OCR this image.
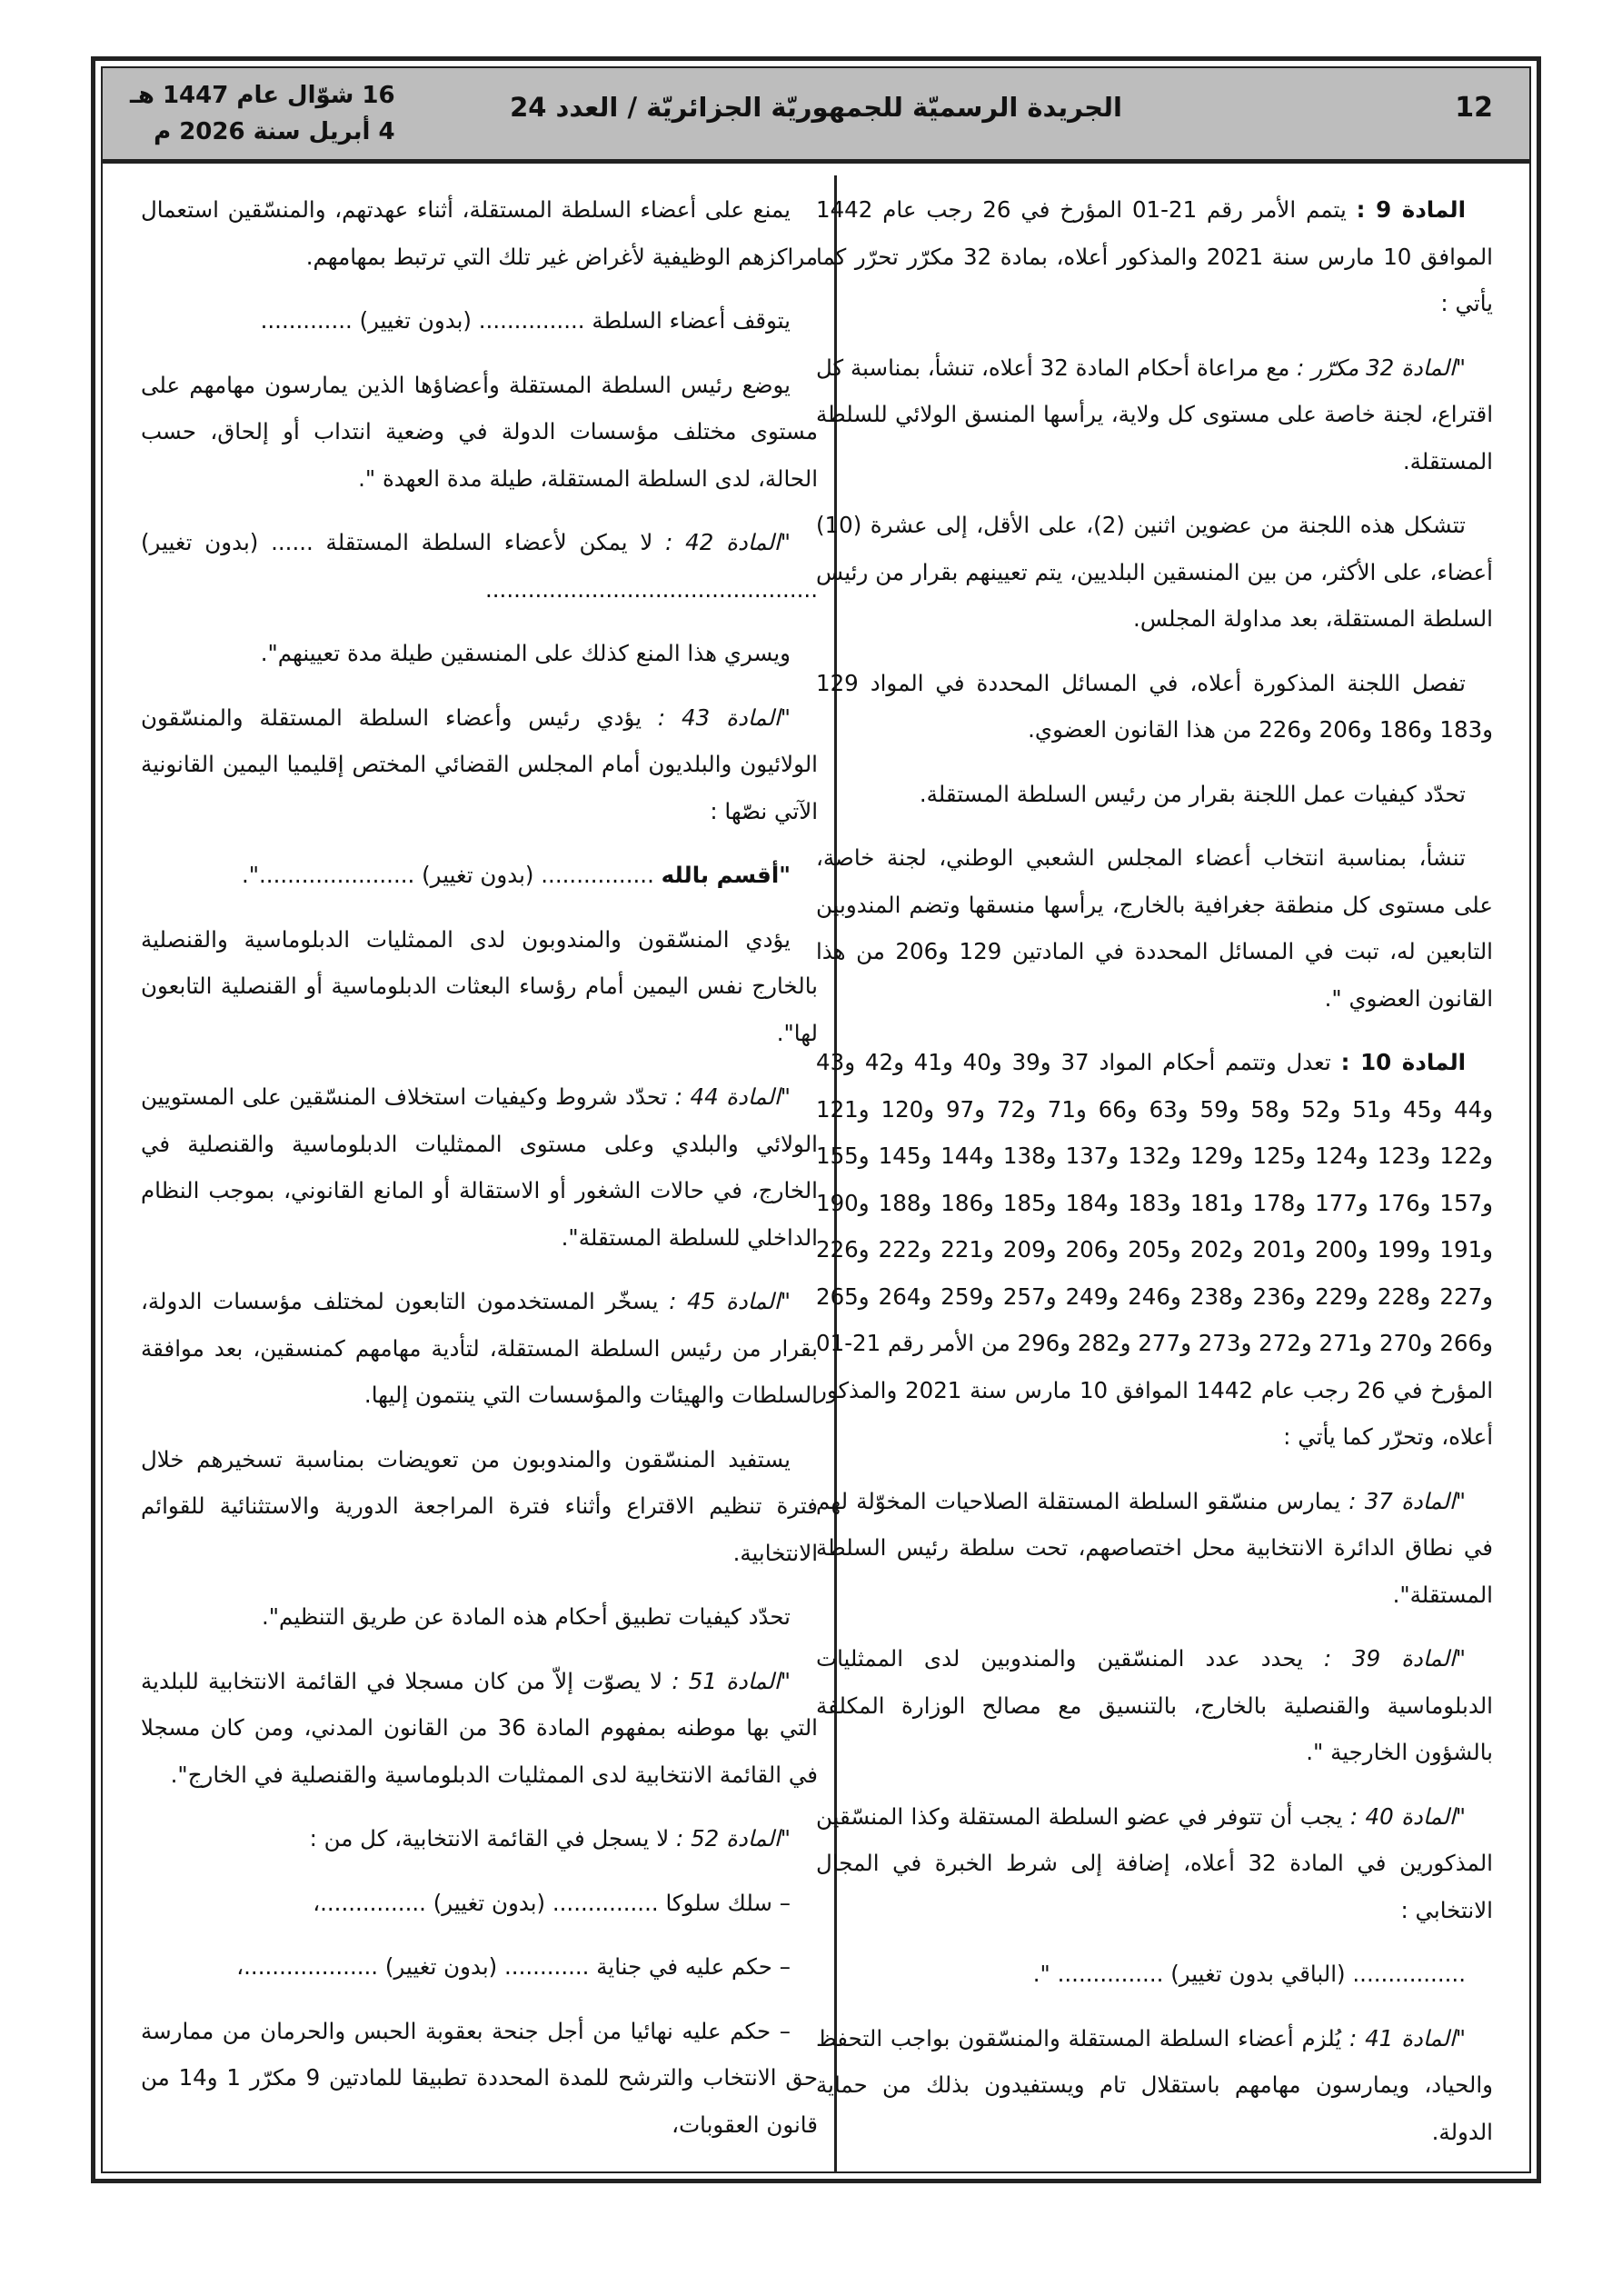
12
الجريدة الرسميّة للجمهوريّة الجزائريّة / العدد 24
16 شوّال عام 1447 هـ
4 أبريل سنة 2026 م

المادة 9 : يتمم الأمر رقم 21-01 المؤرخ في 26 رجب عام 1442 الموافق 10 مارس سنة 2021 والمذكور أعلاه، بمادة 32 مكرّر تحرّر كما يأتي :

"المادة 32 مكرّر : مع مراعاة أحكام المادة 32 أعلاه، تنشأ، بمناسبة كل اقتراع، لجنة خاصة على مستوى كل ولاية، يرأسها المنسق الولائي للسلطة المستقلة.

تتشكل هذه اللجنة من عضوين اثنين (2)، على الأقل، إلى عشرة (10) أعضاء، على الأكثر، من بين المنسقين البلديين، يتم تعيينهم بقرار من رئيس السلطة المستقلة، بعد مداولة المجلس.

تفصل اللجنة المذكورة أعلاه، في المسائل المحددة في المواد 129 و183 و186 و206 و226 من هذا القانون العضوي.

تحدّد كيفيات عمل اللجنة بقرار من رئيس السلطة المستقلة.

تنشأ، بمناسبة انتخاب أعضاء المجلس الشعبي الوطني، لجنة خاصة، على مستوى كل منطقة جغرافية بالخارج، يرأسها منسقها وتضم المندوبين التابعين له، تبت في المسائل المحددة في المادتين 129 و206 من هذا القانون العضوي ".

المادة 10 : تعدل وتتمم أحكام المواد 37 و39 و40 و41 و42 و43 و44 و45 و51 و52 و58 و59 و63 و66 و71 و72 و97 و120 و121 و122 و123 و124 و125 و129 و132 و137 و138 و144 و145 و155 و157 و176 و177 و178 و181 و183 و184 و185 و186 و188 و190 و191 و199 و200 و201 و202 و205 و206 و209 و221 و222 و226 و227 و228 و229 و236 و238 و246 و249 و257 و259 و264 و265 و266 و270 و271 و272 و273 و277 و282 و296 من الأمر رقم 21-01 المؤرخ في 26 رجب عام 1442 الموافق 10 مارس سنة 2021 والمذكور أعلاه، وتحرّر كما يأتي :

"المادة 37 : يمارس منسّقو السلطة المستقلة الصلاحيات المخوّلة لهم في نطاق الدائرة الانتخابية محل اختصاصهم، تحت سلطة رئيس السلطة المستقلة".

"المادة 39 : يحدد عدد المنسّقين والمندوبين لدى الممثليات الدبلوماسية والقنصلية بالخارج، بالتنسيق مع مصالح الوزارة المكلفة بالشؤون الخارجية ".

"المادة 40 : يجب أن تتوفر في عضو السلطة المستقلة وكذا المنسّقين المذكورين في المادة 32 أعلاه، إضافة إلى شرط الخبرة في المجال الانتخابي :

................ (الباقي بدون تغيير) ............... ".

"المادة 41 : يُلزم أعضاء السلطة المستقلة والمنسّقون بواجب التحفظ والحياد، ويمارسون مهامهم باستقلال تام ويستفيدون بذلك من حماية الدولة.

يمنع على أعضاء السلطة المستقلة، أثناء عهدتهم، والمنسّقين استعمال مراكزهم الوظيفية لأغراض غير تلك التي ترتبط بمهامهم.

يتوقف أعضاء السلطة ............... (بدون تغيير) .............

يوضع رئيس السلطة المستقلة وأعضاؤها الذين يمارسون مهامهم على مستوى مختلف مؤسسات الدولة في وضعية انتداب أو إلحاق، حسب الحالة، لدى السلطة المستقلة، طيلة مدة العهدة ".

"المادة 42 : لا يمكن لأعضاء السلطة المستقلة ...... (بدون تغيير) ...............................................

ويسري هذا المنع كذلك على المنسقين طيلة مدة تعيينهم".

"المادة 43 : يؤدي رئيس وأعضاء السلطة المستقلة والمنسّقون الولائيون والبلديون أمام المجلس القضائي المختص إقليميا اليمين القانونية الآتي نصّها :

"أقسم بالله ................ (بدون تغيير) ......................".

يؤدي المنسّقون والمندوبون لدى الممثليات الدبلوماسية والقنصلية بالخارج نفس اليمين أمام رؤساء البعثات الدبلوماسية أو القنصلية التابعون لها".

"المادة 44 : تحدّد شروط وكيفيات استخلاف المنسّقين على المستويين الولائي والبلدي وعلى مستوى الممثليات الدبلوماسية والقنصلية في الخارج، في حالات الشغور أو الاستقالة أو المانع القانوني، بموجب النظام الداخلي للسلطة المستقلة".

"المادة 45 : يسخّر المستخدمون التابعون لمختلف مؤسسات الدولة، بقرار من رئيس السلطة المستقلة، لتأدية مهامهم كمنسقين، بعد موافقة السلطات والهيئات والمؤسسات التي ينتمون إليها.

يستفيد المنسّقون والمندوبون من تعويضات بمناسبة تسخيرهم خلال فترة تنظيم الاقتراع وأثناء فترة المراجعة الدورية والاستثنائية للقوائم الانتخابية.

تحدّد كيفيات تطبيق أحكام هذه المادة عن طريق التنظيم".

"المادة 51 : لا يصوّت إلاّ من كان مسجلا في القائمة الانتخابية للبلدية التي بها موطنه بمفهوم المادة 36 من القانون المدني، ومن كان مسجلا في القائمة الانتخابية لدى الممثليات الدبلوماسية والقنصلية في الخارج".

"المادة 52 : لا يسجل في القائمة الانتخابية، كل من :

– سلك سلوكا ............... (بدون تغيير) ...............،

– حكم عليه في جناية ............ (بدون تغيير) ...................،

– حكم عليه نهائيا من أجل جنحة بعقوبة الحبس والحرمان من ممارسة حق الانتخاب والترشح للمدة المحددة تطبيقا للمادتين 9 مكرّر 1 و14 من قانون العقوبات،
